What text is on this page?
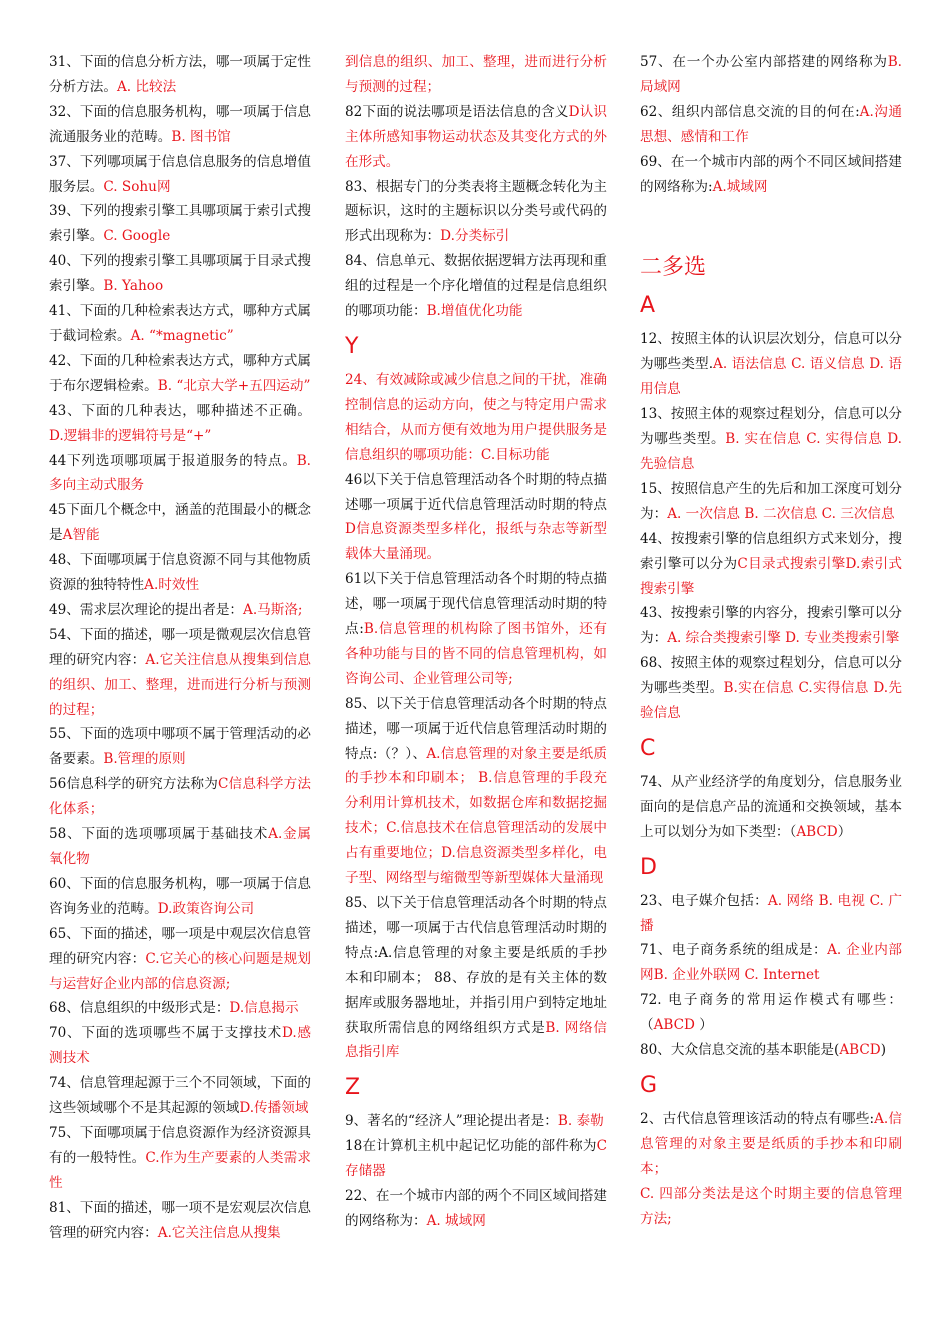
31、下面的信息分析方法，哪一项属于定性分析方法。A. 比较法

32、下面的信息服务机构，哪一项属于信息流通服务业的范畴。B. 图书馆

37、下列哪项属于信息信息服务的信息增值服务层。C. Sohu网

39、下列的搜索引擎工具哪项属于索引式搜索引擎。C. Google

40、下列的搜索引擎工具哪项属于目录式搜索引擎。B. Yahoo

41、下面的几种检索表达方式，哪种方式属于截词检索。A. “*magnetic”

42、下面的几种检索表达方式，哪种方式属于布尔逻辑检索。B. “北京大学+五四运动”

43、下面的几种表达，哪种描述不正确。D.逻辑非的逻辑符号是“+”

44下列选项哪项属于报道服务的特点。B.多向主动式服务

45下面几个概念中，涵盖的范围最小的概念是A智能

48、下面哪项属于信息资源不同与其他物质资源的独特特性A.时效性

49、需求层次理论的提出者是：A.马斯洛;

54、下面的描述，哪一项是微观层次信息管理的研究内容：A.它关注信息从搜集到信息的组织、加工、整理，进而进行分析与预测的过程；

55、下面的选项中哪项不属于管理活动的必备要素。B.管理的原则

56信息科学的研究方法称为C信息科学方法化体系；

58、下面的选项哪项属于基础技术A.金属氧化物

60、下面的信息服务机构，哪一项属于信息咨询务业的范畴。D.政策咨询公司

65、下面的描述，哪一项是中观层次信息管理的研究内容：C.它关心的核心问题是规划与运营好企业内部的信息资源;

68、信息组织的中级形式是：D.信息揭示

70、下面的选项哪些不属于支撑技术D.感测技术

74、信息管理起源于三个不同领域，下面的这些领域哪个不是其起源的领域D.传播领域

75、下面哪项属于信息资源作为经济资源具有的一般特性。C.作为生产要素的人类需求性

81、下面的描述，哪一项不是宏观层次信息管理的研究内容：A.它关注信息从搜集

到信息的组织、加工、整理，进而进行分析与预测的过程；

82下面的说法哪项是语法信息的含义D认识主体所感知事物运动状态及其变化方式的外在形式。

83、根据专门的分类表将主题概念转化为主题标识，这时的主题标识以分类号或代码的形式出现称为：D.分类标引

84、信息单元、数据依据逻辑方法再现和重组的过程是一个序化增值的过程是信息组织的哪项功能：B.增值优化功能

Y

24、有效减除或减少信息之间的干扰，准确控制信息的运动方向，使之与特定用户需求相结合，从而方便有效地为用户提供服务是信息组织的哪项功能：C.目标功能

46以下关于信息管理活动各个时期的特点描述哪一项属于近代信息管理活动时期的特点D信息资源类型多样化，报纸与杂志等新型载体大量涌现。

61以下关于信息管理活动各个时期的特点描述，哪一项属于现代信息管理活动时期的特点:B.信息管理的机构除了图书馆外，还有各种功能与目的皆不同的信息管理机构，如咨询公司、企业管理公司等;

85、以下关于信息管理活动各个时期的特点描述，哪一项属于近代信息管理活动时期的特点:（？）、A.信息管理的对象主要是纸质的手抄本和印刷本； B.信息管理的手段充分利用计算机技术，如数据仓库和数据挖掘技术；C.信息技术在信息管理活动的发展中占有重要地位；D.信息资源类型多样化，电子型、网络型与缩微型等新型媒体大量涌现

85、以下关于信息管理活动各个时期的特点描述，哪一项属于古代信息管理活动时期的特点:A.信息管理的对象主要是纸质的手抄本和印刷本； 88、存放的是有关主体的数据库或服务器地址，并指引用户到特定地址获取所需信息的网络组织方式是B. 网络信息指引库

Z

9、著名的“经济人”理论提出者是：B. 泰勒

18在计算机主机中起记忆功能的部件称为C存储器

22、在一个城市内部的两个不同区域间搭建的网络称为：A. 城域网

57、在一个办公室内部搭建的网络称为B.局域网

62、组织内部信息交流的目的何在:A.沟通思想、感情和工作

69、在一个城市内部的两个不同区域间搭建的网络称为:A.城域网

二多选
A

12、按照主体的认识层次划分，信息可以分为哪些类型.A. 语法信息 C. 语义信息 D. 语用信息

13、按照主体的观察过程划分，信息可以分为哪些类型。B. 实在信息 C. 实得信息 D. 先验信息

15、按照信息产生的先后和加工深度可划分为：A. 一次信息 B. 二次信息 C. 三次信息

44、按搜索引擎的信息组织方式来划分，搜索引擎可以分为C目录式搜索引擎D.索引式搜索引擎

43、按搜索引擎的内容分，搜索引擎可以分为：A. 综合类搜索引擎 D. 专业类搜索引擎

68、按照主体的观察过程划分，信息可以分为哪些类型。B.实在信息 C.实得信息 D.先验信息

C

74、从产业经济学的角度划分，信息服务业面向的是信息产品的流通和交换领域，基本上可以划分为如下类型：（ABCD）

D

23、电子媒介包括：A. 网络 B. 电视 C. 广播

71、电子商务系统的组成是：A. 企业内部网B. 企业外联网 C. Internet

72. 电子商务的常用运作模式有哪些：（ABCD ）

80、大众信息交流的基本职能是(ABCD)

G

2、古代信息管理该活动的特点有哪些:A.信息管理的对象主要是纸质的手抄本和印刷本；

C. 四部分类法是这个时期主要的信息管理方法;
